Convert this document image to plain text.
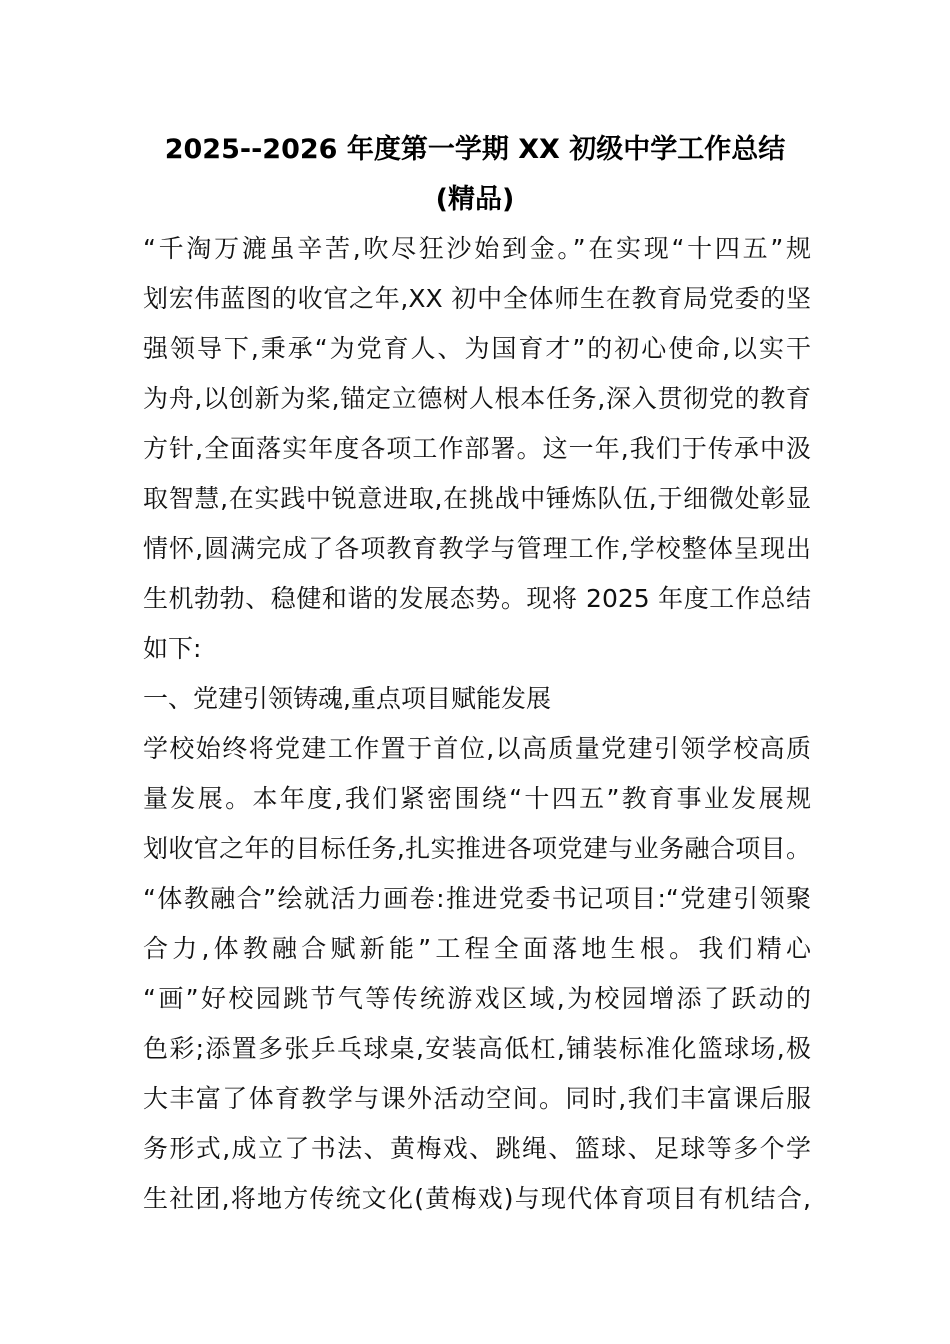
2025--2026 年度第一学期 XX 初级中学工作总结
(精品)
“千淘万漉虽辛苦,吹尽狂沙始到金。”在实现“十四五”规
划宏伟蓝图的收官之年,XX 初中全体师生在教育局党委的坚
强领导下,秉承“为党育人、为国育才”的初心使命,以实干
为舟,以创新为桨,锚定立德树人根本任务,深入贯彻党的教育
方针,全面落实年度各项工作部署。这一年,我们于传承中汲
取智慧,在实践中锐意进取,在挑战中锤炼队伍,于细微处彰显
情怀,圆满完成了各项教育教学与管理工作,学校整体呈现出
生机勃勃、稳健和谐的发展态势。现将 2025 年度工作总结
如下:
一、党建引领铸魂,重点项目赋能发展
学校始终将党建工作置于首位,以高质量党建引领学校高质
量发展。本年度,我们紧密围绕“十四五”教育事业发展规
划收官之年的目标任务,扎实推进各项党建与业务融合项目。
“体教融合”绘就活力画卷:推进党委书记项目:“党建引领聚
合力,体教融合赋新能”工程全面落地生根。我们精心
“画”好校园跳节气等传统游戏区域,为校园增添了跃动的
色彩;添置多张乒乓球桌,安装高低杠,铺装标准化篮球场,极
大丰富了体育教学与课外活动空间。同时,我们丰富课后服
务形式,成立了书法、黄梅戏、跳绳、篮球、足球等多个学
生社团,将地方传统文化(黄梅戏)与现代体育项目有机结合,
